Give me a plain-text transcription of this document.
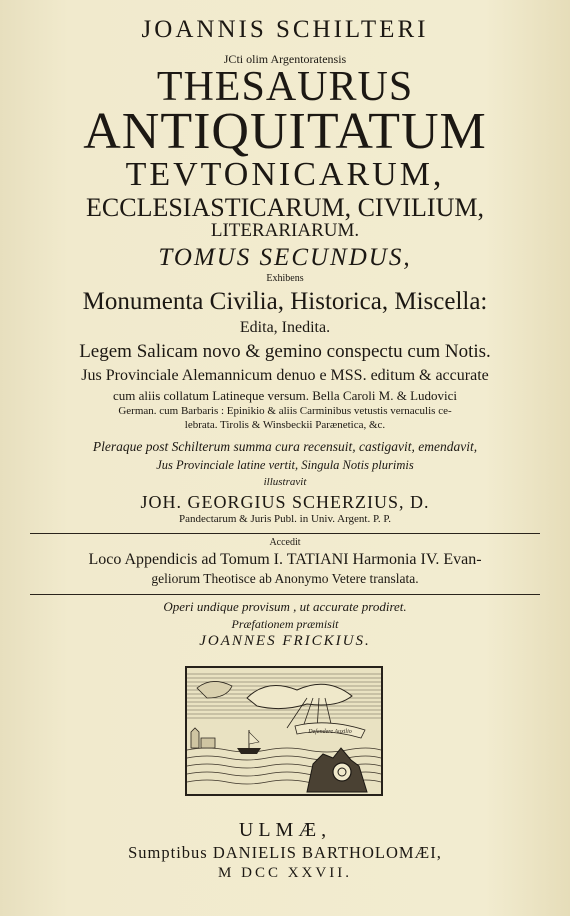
JOANNIS SCHILTERI
JCti olim Argentoratensis
THESAURUS
ANTIQUITATUM
TEVTONICARUM,
ECCLESIASTICARUM, CIVILIUM,
LITERARIARUM.
TOMUS SECUNDUS,
Exhibens
Monumenta Civilia, Historica, Miscella:
Edita, Inedita.
Legem Salicam novo & gemino conspectu cum Notis.
Jus Provinciale Alemannicum denuo e MSS. editum & accurate
cum aliis collatum Latineque versum. Bella Caroli M. & Ludovici
German. cum Barbaris : Epinikio & aliis Carminibus vetustis vernaculis ce-
lebrata. Tirolis & Winsbeckii Parænetica, &c.
Pleraque post Schilterum summa cura recensuit, castigavit, emendavit,
Jus Provinciale latine vertit, Singula Notis plurimis
illustravit
JOH. GEORGIUS SCHERZIUS, D.
Pandectarum & Juris Publ. in Univ. Argent. P. P.
Accedit
Loco Appendicis ad Tomum I. TATIANI Harmonia IV. Evan-
geliorum Theotisce ab Anonymo Vetere translata.
Operi undique provisum , ut accurate prodiret.
Præfationem præmisit
JOANNES FRICKIUS.
Defendere Auxilio
ULMÆ,
Sumptibus DANIELIS BARTHOLOMÆI,
M DCC XXVII.
